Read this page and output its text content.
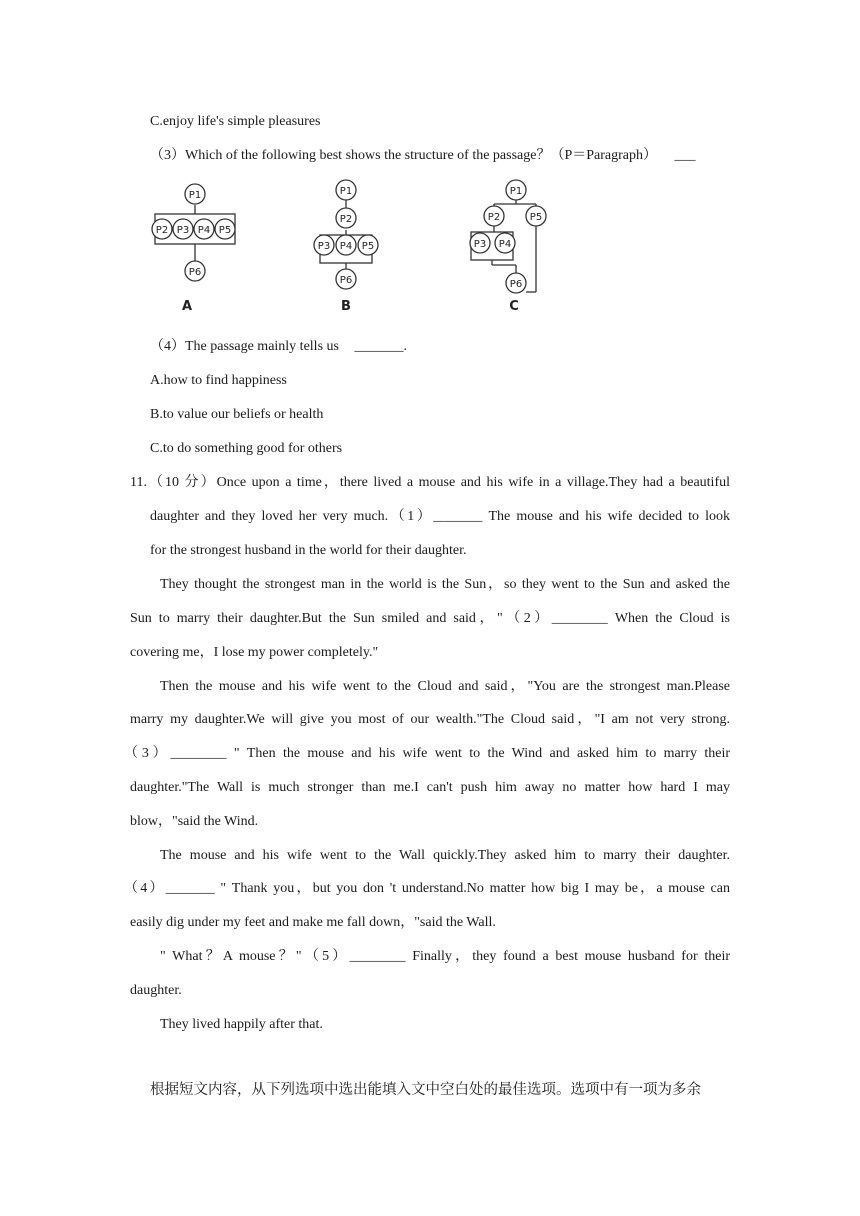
C.enjoy life's simple pleasures
（3）Which of the following best shows the structure of the passage？（P＝Paragraph） ___
P1
P2 P3 P4 P5
P6
A
P1
P2
P3 P4 P5
P6
B
P1
P2	P5
P3 P4
P6
C
（4）The passage mainly tells us _______.
A.how to find happiness
B.to value our beliefs or health
C.to do something good for others
11.（10 分）Once upon a time，there lived a mouse and his wife in a village.They had a beautiful
daughter and they loved her very much.（1）_______ The mouse and his wife decided to look
for the strongest husband in the world for their daughter.
They thought the strongest man in the world is the Sun，so they went to the Sun and asked the
Sun to marry their daughter.But the Sun smiled and said，"（2）________ When the Cloud is
covering me，I lose my power completely."
Then the mouse and his wife went to the Cloud and said，"You are the strongest man.Please
marry my daughter.We will give you most of our wealth."The Cloud said，"I am not very strong.
（3）________ " Then the mouse and his wife went to the Wind and asked him to marry their
daughter."The Wall is much stronger than me.I can't push him away no matter how hard I may
blow，"said the Wind.
The mouse and his wife went to the Wall quickly.They asked him to marry their daughter.
（4）_______ " Thank you，but you don 't understand.No matter how big I may be，a mouse can
easily dig under my feet and make me fall down，"said the Wall.
" What？A mouse？"（5）________ Finally，they found a best mouse husband for their
daughter.
They lived happily after that.
根据短文内容，从下列选项中选出能填入文中空白处的最佳选项。选项中有一项为多余
